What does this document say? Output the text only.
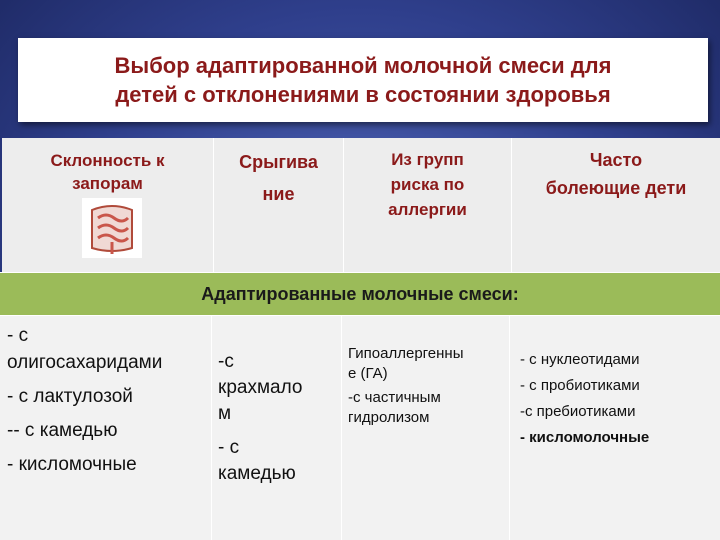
Выбор адаптированной молочной смеси для
детей с отклонениями в состоянии здоровья
Склонность к
запорам
Срыгива
ние
Из групп
риска по
аллергии
Часто
болеющие дети
Адаптированные молочные смеси:
- с
олигосахаридами
- с лактулозой
-- с камедью
- кисломочные
-с
крахмало
м
- с
камедью
Гипоаллергенны
е (ГА)
-с частичным
гидролизом
- с нуклеотидами
- с пробиотиками
-с пребиотиками
- кисломолочные
